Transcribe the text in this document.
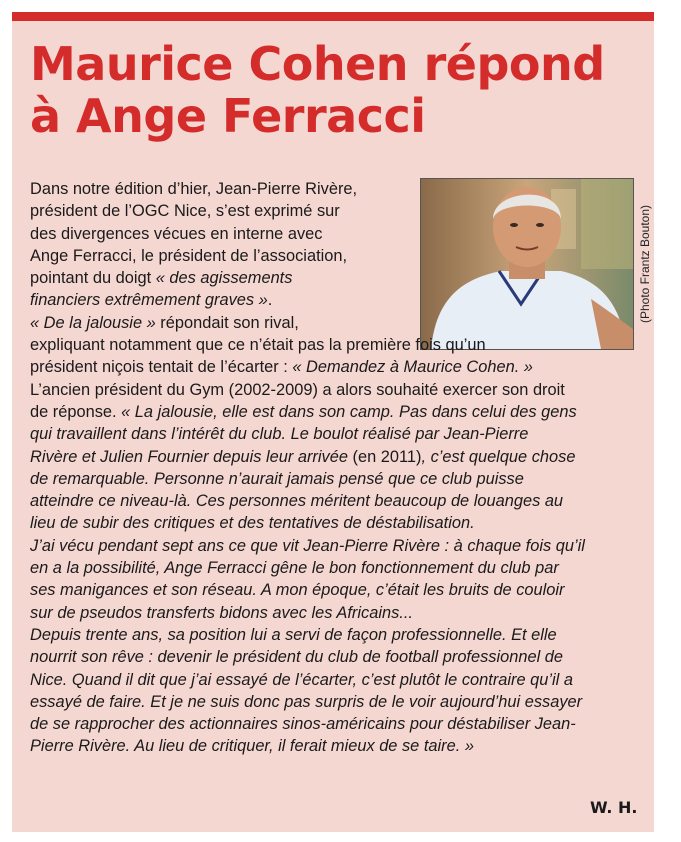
Maurice Cohen répond
à Ange Ferracci
(Photo Frantz Bouton)
Dans notre édition d’hier, Jean-Pierre Rivère,
président de l’OGC Nice, s’est exprimé sur
des divergences vécues en interne avec
Ange Ferracci, le président de l’association,
pointant du doigt « des agissements
financiers extrêmement graves ».
« De la jalousie » répondait son rival,
expliquant notamment que ce n’était pas la première fois qu’un
président niçois tentait de l’écarter : « Demandez à Maurice Cohen. »
L’ancien président du Gym (2002-2009) a alors souhaité exercer son droit
de réponse. « La jalousie, elle est dans son camp. Pas dans celui des gens
qui travaillent dans l’intérêt du club. Le boulot réalisé par Jean-Pierre
Rivère et Julien Fournier depuis leur arrivée (en 2011), c’est quelque chose
de remarquable. Personne n’aurait jamais pensé que ce club puisse
atteindre ce niveau-là. Ces personnes méritent beaucoup de louanges au
lieu de subir des critiques et des tentatives de déstabilisation.
J’ai vécu pendant sept ans ce que vit Jean-Pierre Rivère : à chaque fois qu’il
en a la possibilité, Ange Ferracci gêne le bon fonctionnement du club par
ses manigances et son réseau. A mon époque, c’était les bruits de couloir
sur de pseudos transferts bidons avec les Africains...
Depuis trente ans, sa position lui a servi de façon professionnelle. Et elle
nourrit son rêve : devenir le président du club de football professionnel de
Nice. Quand il dit que j’ai essayé de l’écarter, c’est plutôt le contraire qu’il a
essayé de faire. Et je ne suis donc pas surpris de le voir aujourd’hui essayer
de se rapprocher des actionnaires sinos-américains pour déstabiliser Jean-
Pierre Rivère. Au lieu de critiquer, il ferait mieux de se taire. »
W. H.
